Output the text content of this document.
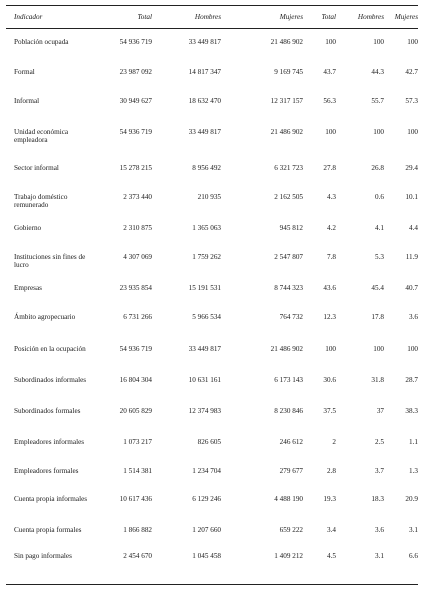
Indicador	Total	Hombres	Mujeres	Total	Hombres	Mujeres
Población ocupada	54 936 719	33 449 817	21 486 902	100	100	100
Formal	23 987 092	14 817 347	9 169 745	43.7	44.3	42.7
Informal	30 949 627	18 632 470	12 317 157	56.3	55.7	57.3
Unidad económica empleadora	54 936 719	33 449 817	21 486 902	100	100	100
Sector informal	15 278 215	8 956 492	6 321 723	27.8	26.8	29.4
Trabajo doméstico remunerado	2 373 440	210 935	2 162 505	4.3	0.6	10.1
Gobierno	2 310 875	1 365 063	945 812	4.2	4.1	4.4
Instituciones sin fines de lucro	4 307 069	1 759 262	2 547 807	7.8	5.3	11.9
Empresas	23 935 854	15 191 531	8 744 323	43.6	45.4	40.7
Ámbito agropecuario	6 731 266	5 966 534	764 732	12.3	17.8	3.6
Posición en la ocupación	54 936 719	33 449 817	21 486 902	100	100	100
Subordinados informales	16 804 304	10 631 161	6 173 143	30.6	31.8	28.7
Subordinados formales	20 605 829	12 374 983	8 230 846	37.5	37	38.3
Empleadores informales	1 073 217	826 605	246 612	2	2.5	1.1
Empleadores formales	1 514 381	1 234 704	279 677	2.8	3.7	1.3
Cuenta propia informales	10 617 436	6 129 246	4 488 190	19.3	18.3	20.9
Cuenta propia formales	1 866 882	1 207 660	659 222	3.4	3.6	3.1
Sin pago informales	2 454 670	1 045 458	1 409 212	4.5	3.1	6.6
